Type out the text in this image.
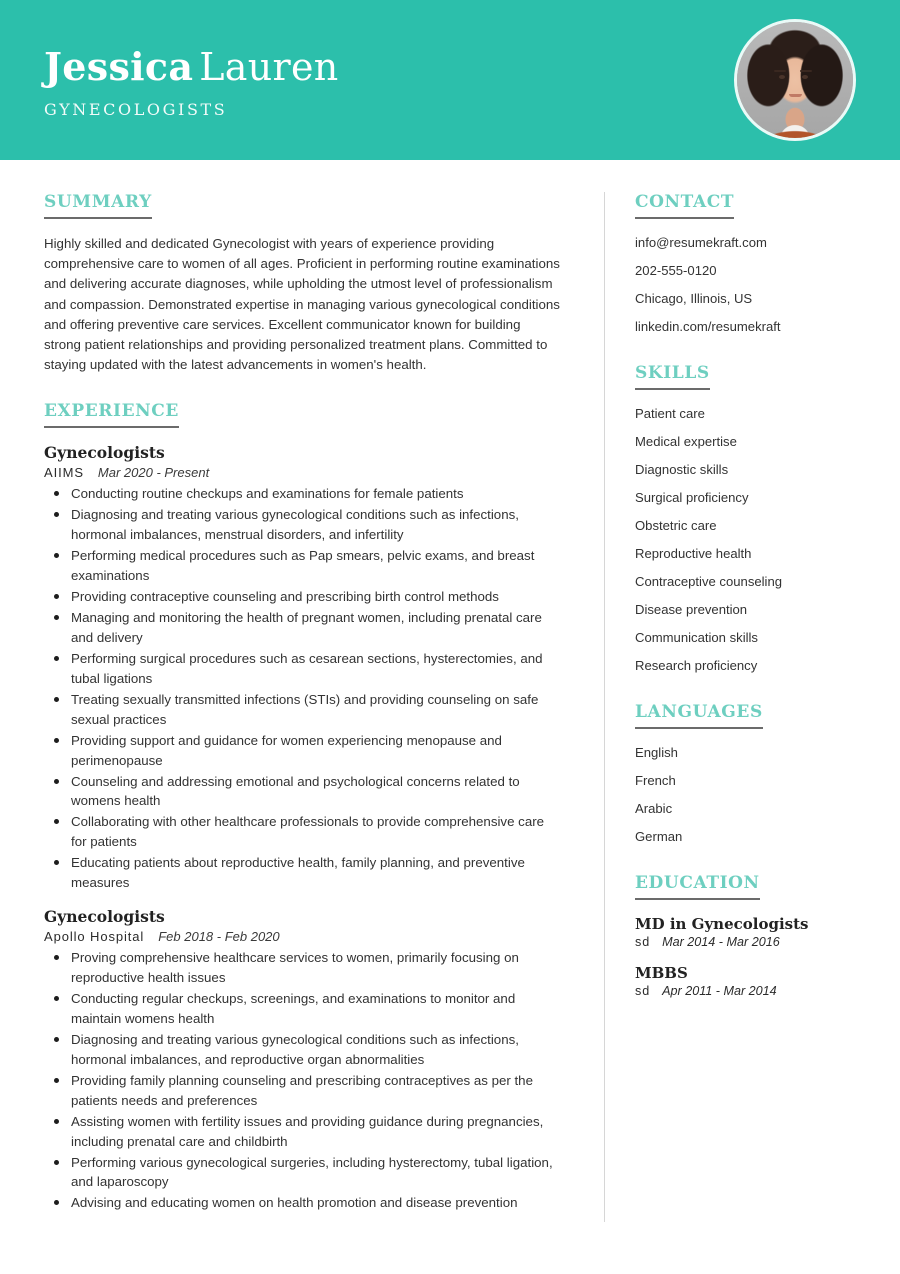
Jessica Lauren
GYNECOLOGISTS
SUMMARY
Highly skilled and dedicated Gynecologist with years of experience providing comprehensive care to women of all ages. Proficient in performing routine examinations and delivering accurate diagnoses, while upholding the utmost level of professionalism and compassion. Demonstrated expertise in managing various gynecological conditions and offering preventive care services. Excellent communicator known for building strong patient relationships and providing personalized treatment plans. Committed to staying updated with the latest advancements in women's health.
EXPERIENCE
Gynecologists
AIIMS Mar 2020 - Present
Conducting routine checkups and examinations for female patients
Diagnosing and treating various gynecological conditions such as infections, hormonal imbalances, menstrual disorders, and infertility
Performing medical procedures such as Pap smears, pelvic exams, and breast examinations
Providing contraceptive counseling and prescribing birth control methods
Managing and monitoring the health of pregnant women, including prenatal care and delivery
Performing surgical procedures such as cesarean sections, hysterectomies, and tubal ligations
Treating sexually transmitted infections (STIs) and providing counseling on safe sexual practices
Providing support and guidance for women experiencing menopause and perimenopause
Counseling and addressing emotional and psychological concerns related to womens health
Collaborating with other healthcare professionals to provide comprehensive care for patients
Educating patients about reproductive health, family planning, and preventive measures
Gynecologists
Apollo Hospital Feb 2018 - Feb 2020
Proving comprehensive healthcare services to women, primarily focusing on reproductive health issues
Conducting regular checkups, screenings, and examinations to monitor and maintain womens health
Diagnosing and treating various gynecological conditions such as infections, hormonal imbalances, and reproductive organ abnormalities
Providing family planning counseling and prescribing contraceptives as per the patients needs and preferences
Assisting women with fertility issues and providing guidance during pregnancies, including prenatal care and childbirth
Performing various gynecological surgeries, including hysterectomy, tubal ligation, and laparoscopy
Advising and educating women on health promotion and disease prevention
CONTACT
info@resumekraft.com
202-555-0120
Chicago, Illinois, US
linkedin.com/resumekraft
SKILLS
Patient care
Medical expertise
Diagnostic skills
Surgical proficiency
Obstetric care
Reproductive health
Contraceptive counseling
Disease prevention
Communication skills
Research proficiency
LANGUAGES
English
French
Arabic
German
EDUCATION
MD in Gynecologists
sd Mar 2014 - Mar 2016
MBBS
sd Apr 2011 - Mar 2014
